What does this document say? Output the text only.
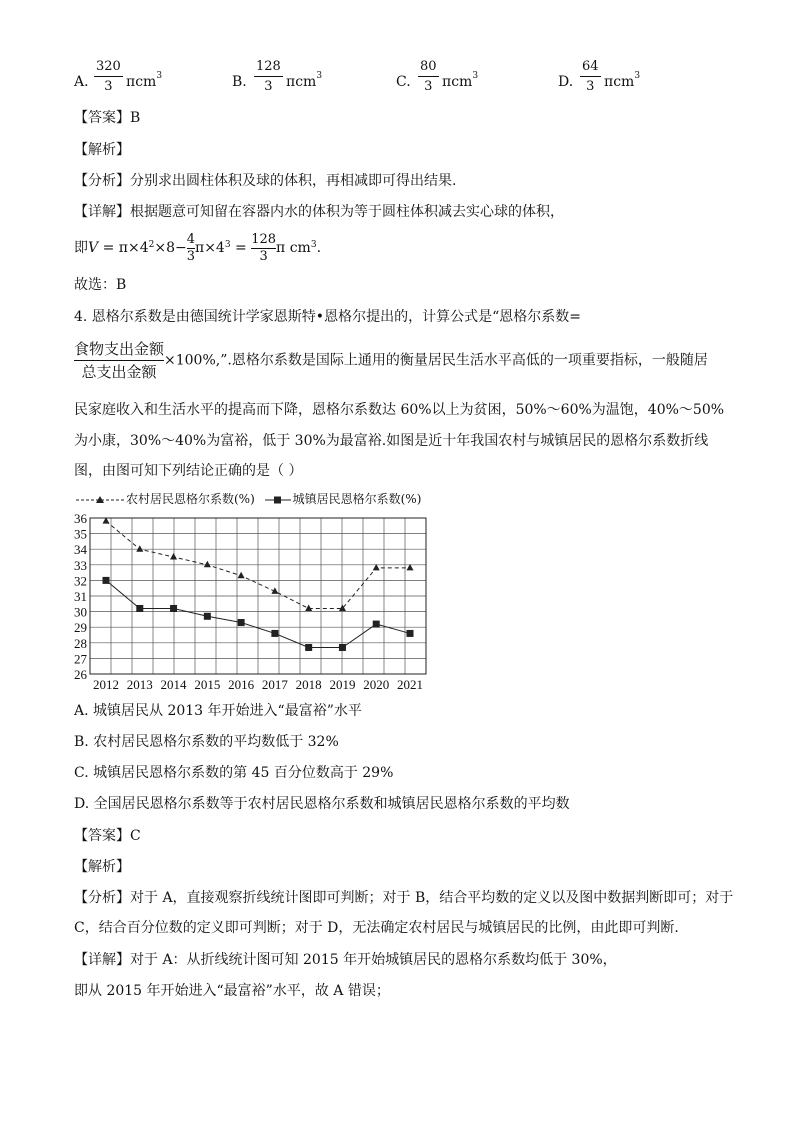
A.
320
3 πcm$^3$	B.
128
3 πcm$^3$	C.
80
3 πcm$^3$	D.
64
3 πcm$^3$
【答案】B
【解析】
【分析】分别求出圆柱体积及球的体积，再相减即可得出结果.
【详解】根据题意可知留在容器内水的体积为等于圆柱体积减去实心球的体积，
即$V = \pi\times 4^2\times 8- \frac{4}{3} \pi\times 4^3 = \frac{128}{3}$ π $cm^3$.
故选：B
4. 恩格尔系数是由德国统计学家恩斯特•恩格尔提出的，计算公式是“恩格尔系数=
$\frac{\text{食物支出金额}}{\text{总支出金额}} \times 100\%$,”.恩格尔系数是国际上通用的衡量居民生活水平高低的一项重要指标，一般随居
民家庭收入和生活水平的提高而下降，恩格尔系数达 60%以上为贫困，50%～60%为温饱，40%～50%
为小康，30%～40%为富裕，低于 30%为最富裕.如图是近十年我国农村与城镇居民的恩格尔系数折线
图，由图可知下列结论正确的是（ ）
农村居民恩格尔系数(%)	城镇居民恩格尔系数(%)
26
27
28
29
30
31
32
33
34
35
36
2012 2013 2014 2015 2016 2017 2018 2019 2020 2021
A. 城镇居民从 2013 年开始进入“最富裕”水平
B. 农村居民恩格尔系数的平均数低于 32%
C. 城镇居民恩格尔系数的第 45 百分位数高于 29%
D. 全国居民恩格尔系数等于农村居民恩格尔系数和城镇居民恩格尔系数的平均数
【答案】C
【解析】
【分析】对于 A，直接观察折线统计图即可判断；对于 B，结合平均数的定义以及图中数据判断即可；对于
C，结合百分位数的定义即可判断；对于 D，无法确定农村居民与城镇居民的比例，由此即可判断.
【详解】对于 A：从折线统计图可知 2015 年开始城镇居民的恩格尔系数均低于 30%，
即从 2015 年开始进入“最富裕”水平，故 A 错误；
